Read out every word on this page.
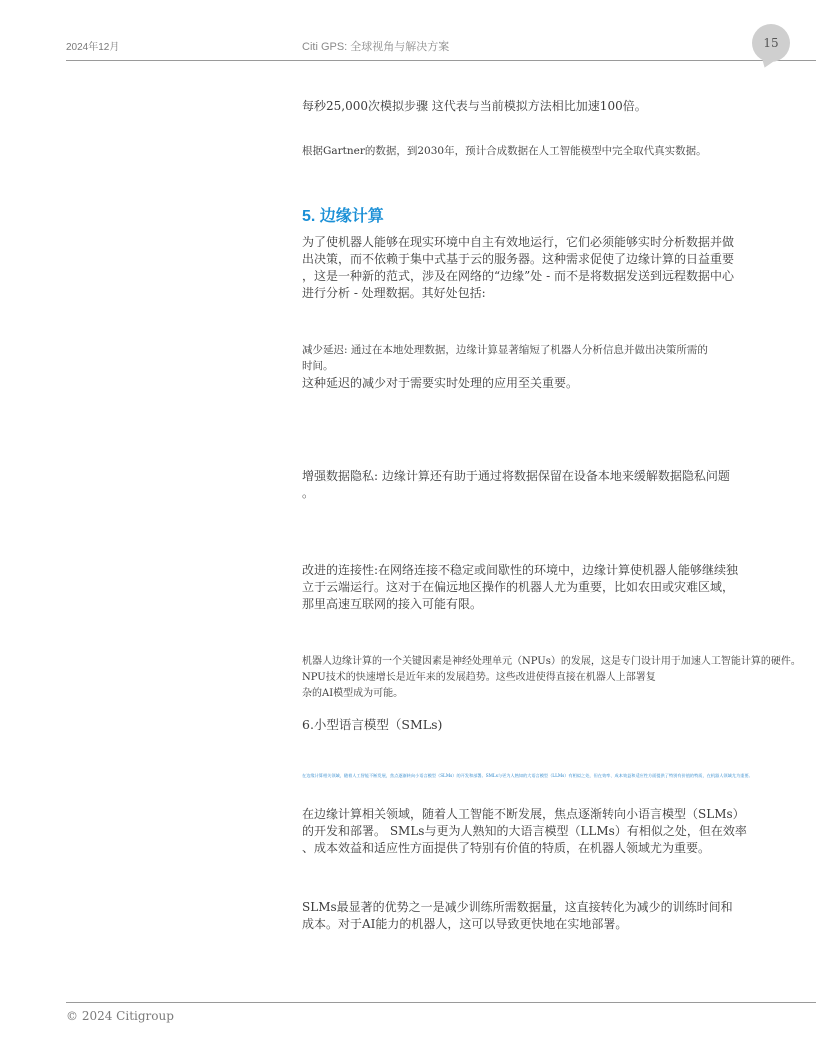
2024年12月	Citi GPS: 全球视角与解决方案	15
每秒25,000次模拟步骤 这代表与当前模拟方法相比加速100倍。
根据Gartner的数据，到2030年，预计合成数据在人工智能模型中完全取代真实数据。
5. 边缘计算
为了使机器人能够在现实环境中自主有效地运行，它们必须能够实时分析数据并做
出决策，而不依赖于集中式基于云的服务器。这种需求促使了边缘计算的日益重要
，这是一种新的范式，涉及在网络的“边缘”处 - 而不是将数据发送到远程数据中心
进行分析 - 处理数据。其好处包括:
减少延迟: 通过在本地处理数据，边缘计算显著缩短了机器人分析信息并做出决策所需的
时间。
这种延迟的减少对于需要实时处理的应用至关重要。
增强数据隐私: 边缘计算还有助于通过将数据保留在设备本地来缓解数据隐私问题
。
改进的连接性:在网络连接不稳定或间歇性的环境中，边缘计算使机器人能够继续独
立于云端运行。这对于在偏远地区操作的机器人尤为重要，比如农田或灾难区域，
那里高速互联网的接入可能有限。
机器人边缘计算的一个关键因素是神经处理单元（NPUs）的发展，这是专门设计用于加速人工智能计算的硬件。
NPU技术的快速增长是近年来的发展趋势。这些改进使得直接在机器人上部署复
杂的AI模型成为可能。
6.小型语言模型（SMLs)
在边缘计算相关领域，随着人工智能不断发展，焦点逐渐转向小语言模型（SLMs）的开发和部署。SMLs与更为人熟知的大语言模型（LLMs）有相似之处，但在效率、成本效益和适应性方面提供了特别有价值的特质，在机器人领域尤为重要。
在边缘计算相关领域，随着人工智能不断发展，焦点逐渐转向小语言模型（SLMs）
的开发和部署。 SMLs与更为人熟知的大语言模型（LLMs）有相似之处，但在效率
、成本效益和适应性方面提供了特别有价值的特质，在机器人领域尤为重要。
SLMs最显著的优势之一是减少训练所需数据量，这直接转化为减少的训练时间和
成本。对于AI能力的机器人，这可以导致更快地在实地部署。
© 2024 Citigroup
